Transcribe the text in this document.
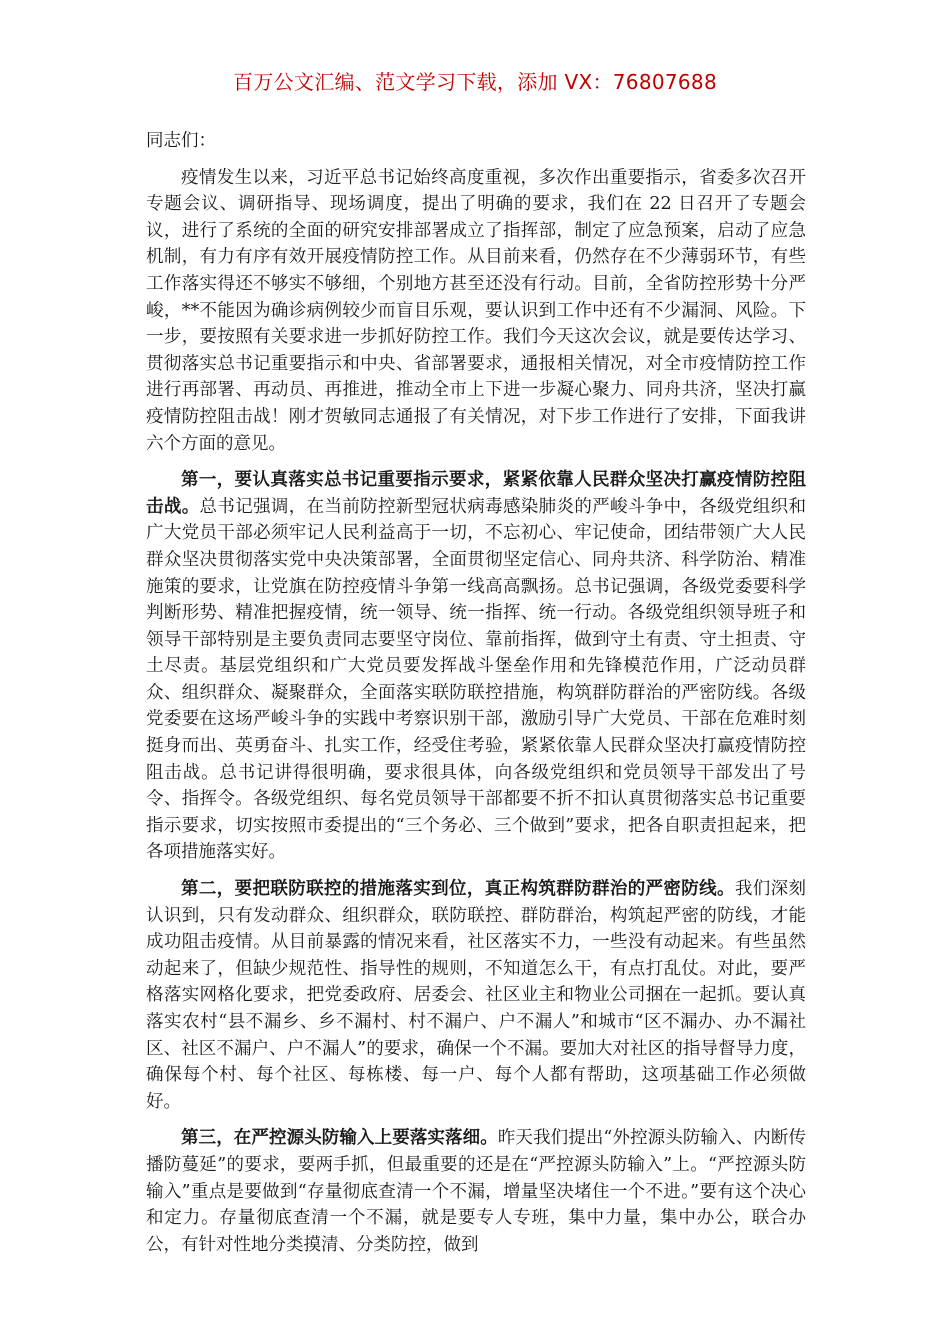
百万公文汇编、范文学习下载，添加 VX：76807688

同志们：

疫情发生以来，习近平总书记始终高度重视，多次作出重要指示，省委多次召开专题会议、调研指导、现场调度，提出了明确的要求，我们在 22 日召开了专题会议，进行了系统的全面的研究安排部署成立了指挥部，制定了应急预案，启动了应急机制，有力有序有效开展疫情防控工作。从目前来看，仍然存在不少薄弱环节，有些工作落实得还不够实不够细，个别地方甚至还没有行动。目前，全省防控形势十分严峻，**不能因为确诊病例较少而盲目乐观，要认识到工作中还有不少漏洞、风险。下一步，要按照有关要求进一步抓好防控工作。我们今天这次会议，就是要传达学习、贯彻落实总书记重要指示和中央、省部署要求，通报相关情况，对全市疫情防控工作进行再部署、再动员、再推进，推动全市上下进一步凝心聚力、同舟共济，坚决打赢疫情防控阻击战！刚才贺敏同志通报了有关情况，对下步工作进行了安排，下面我讲六个方面的意见。

第一，要认真落实总书记重要指示要求，紧紧依靠人民群众坚决打赢疫情防控阻击战。总书记强调，在当前防控新型冠状病毒感染肺炎的严峻斗争中，各级党组织和广大党员干部必须牢记人民利益高于一切，不忘初心、牢记使命，团结带领广大人民群众坚决贯彻落实党中央决策部署，全面贯彻坚定信心、同舟共济、科学防治、精准施策的要求，让党旗在防控疫情斗争第一线高高飘扬。总书记强调，各级党委要科学判断形势、精准把握疫情，统一领导、统一指挥、统一行动。各级党组织领导班子和领导干部特别是主要负责同志要坚守岗位、靠前指挥，做到守土有责、守土担责、守土尽责。基层党组织和广大党员要发挥战斗堡垒作用和先锋模范作用，广泛动员群众、组织群众、凝聚群众，全面落实联防联控措施，构筑群防群治的严密防线。各级党委要在这场严峻斗争的实践中考察识别干部，激励引导广大党员、干部在危难时刻挺身而出、英勇奋斗、扎实工作，经受住考验，紧紧依靠人民群众坚决打赢疫情防控阻击战。总书记讲得很明确，要求很具体，向各级党组织和党员领导干部发出了号令、指挥令。各级党组织、每名党员领导干部都要不折不扣认真贯彻落实总书记重要指示要求，切实按照市委提出的“三个务必、三个做到”要求，把各自职责担起来，把各项措施落实好。

第二，要把联防联控的措施落实到位，真正构筑群防群治的严密防线。我们深刻认识到，只有发动群众、组织群众，联防联控、群防群治，构筑起严密的防线，才能成功阻击疫情。从目前暴露的情况来看，社区落实不力，一些没有动起来。有些虽然动起来了，但缺少规范性、指导性的规则，不知道怎么干，有点打乱仗。对此，要严格落实网格化要求，把党委政府、居委会、社区业主和物业公司捆在一起抓。要认真落实农村“县不漏乡、乡不漏村、村不漏户、户不漏人”和城市“区不漏办、办不漏社区、社区不漏户、户不漏人”的要求，确保一个不漏。要加大对社区的指导督导力度，确保每个村、每个社区、每栋楼、每一户、每个人都有帮助，这项基础工作必须做好。

第三，在严控源头防输入上要落实落细。昨天我们提出“外控源头防输入、内断传播防蔓延”的要求，要两手抓，但最重要的还是在“严控源头防输入”上。“严控源头防输入”重点是要做到“存量彻底查清一个不漏，增量坚决堵住一个不进。”要有这个决心和定力。存量彻底查清一个不漏，就是要专人专班，集中力量，集中办公，联合办公，有针对性地分类摸清、分类防控，做到
